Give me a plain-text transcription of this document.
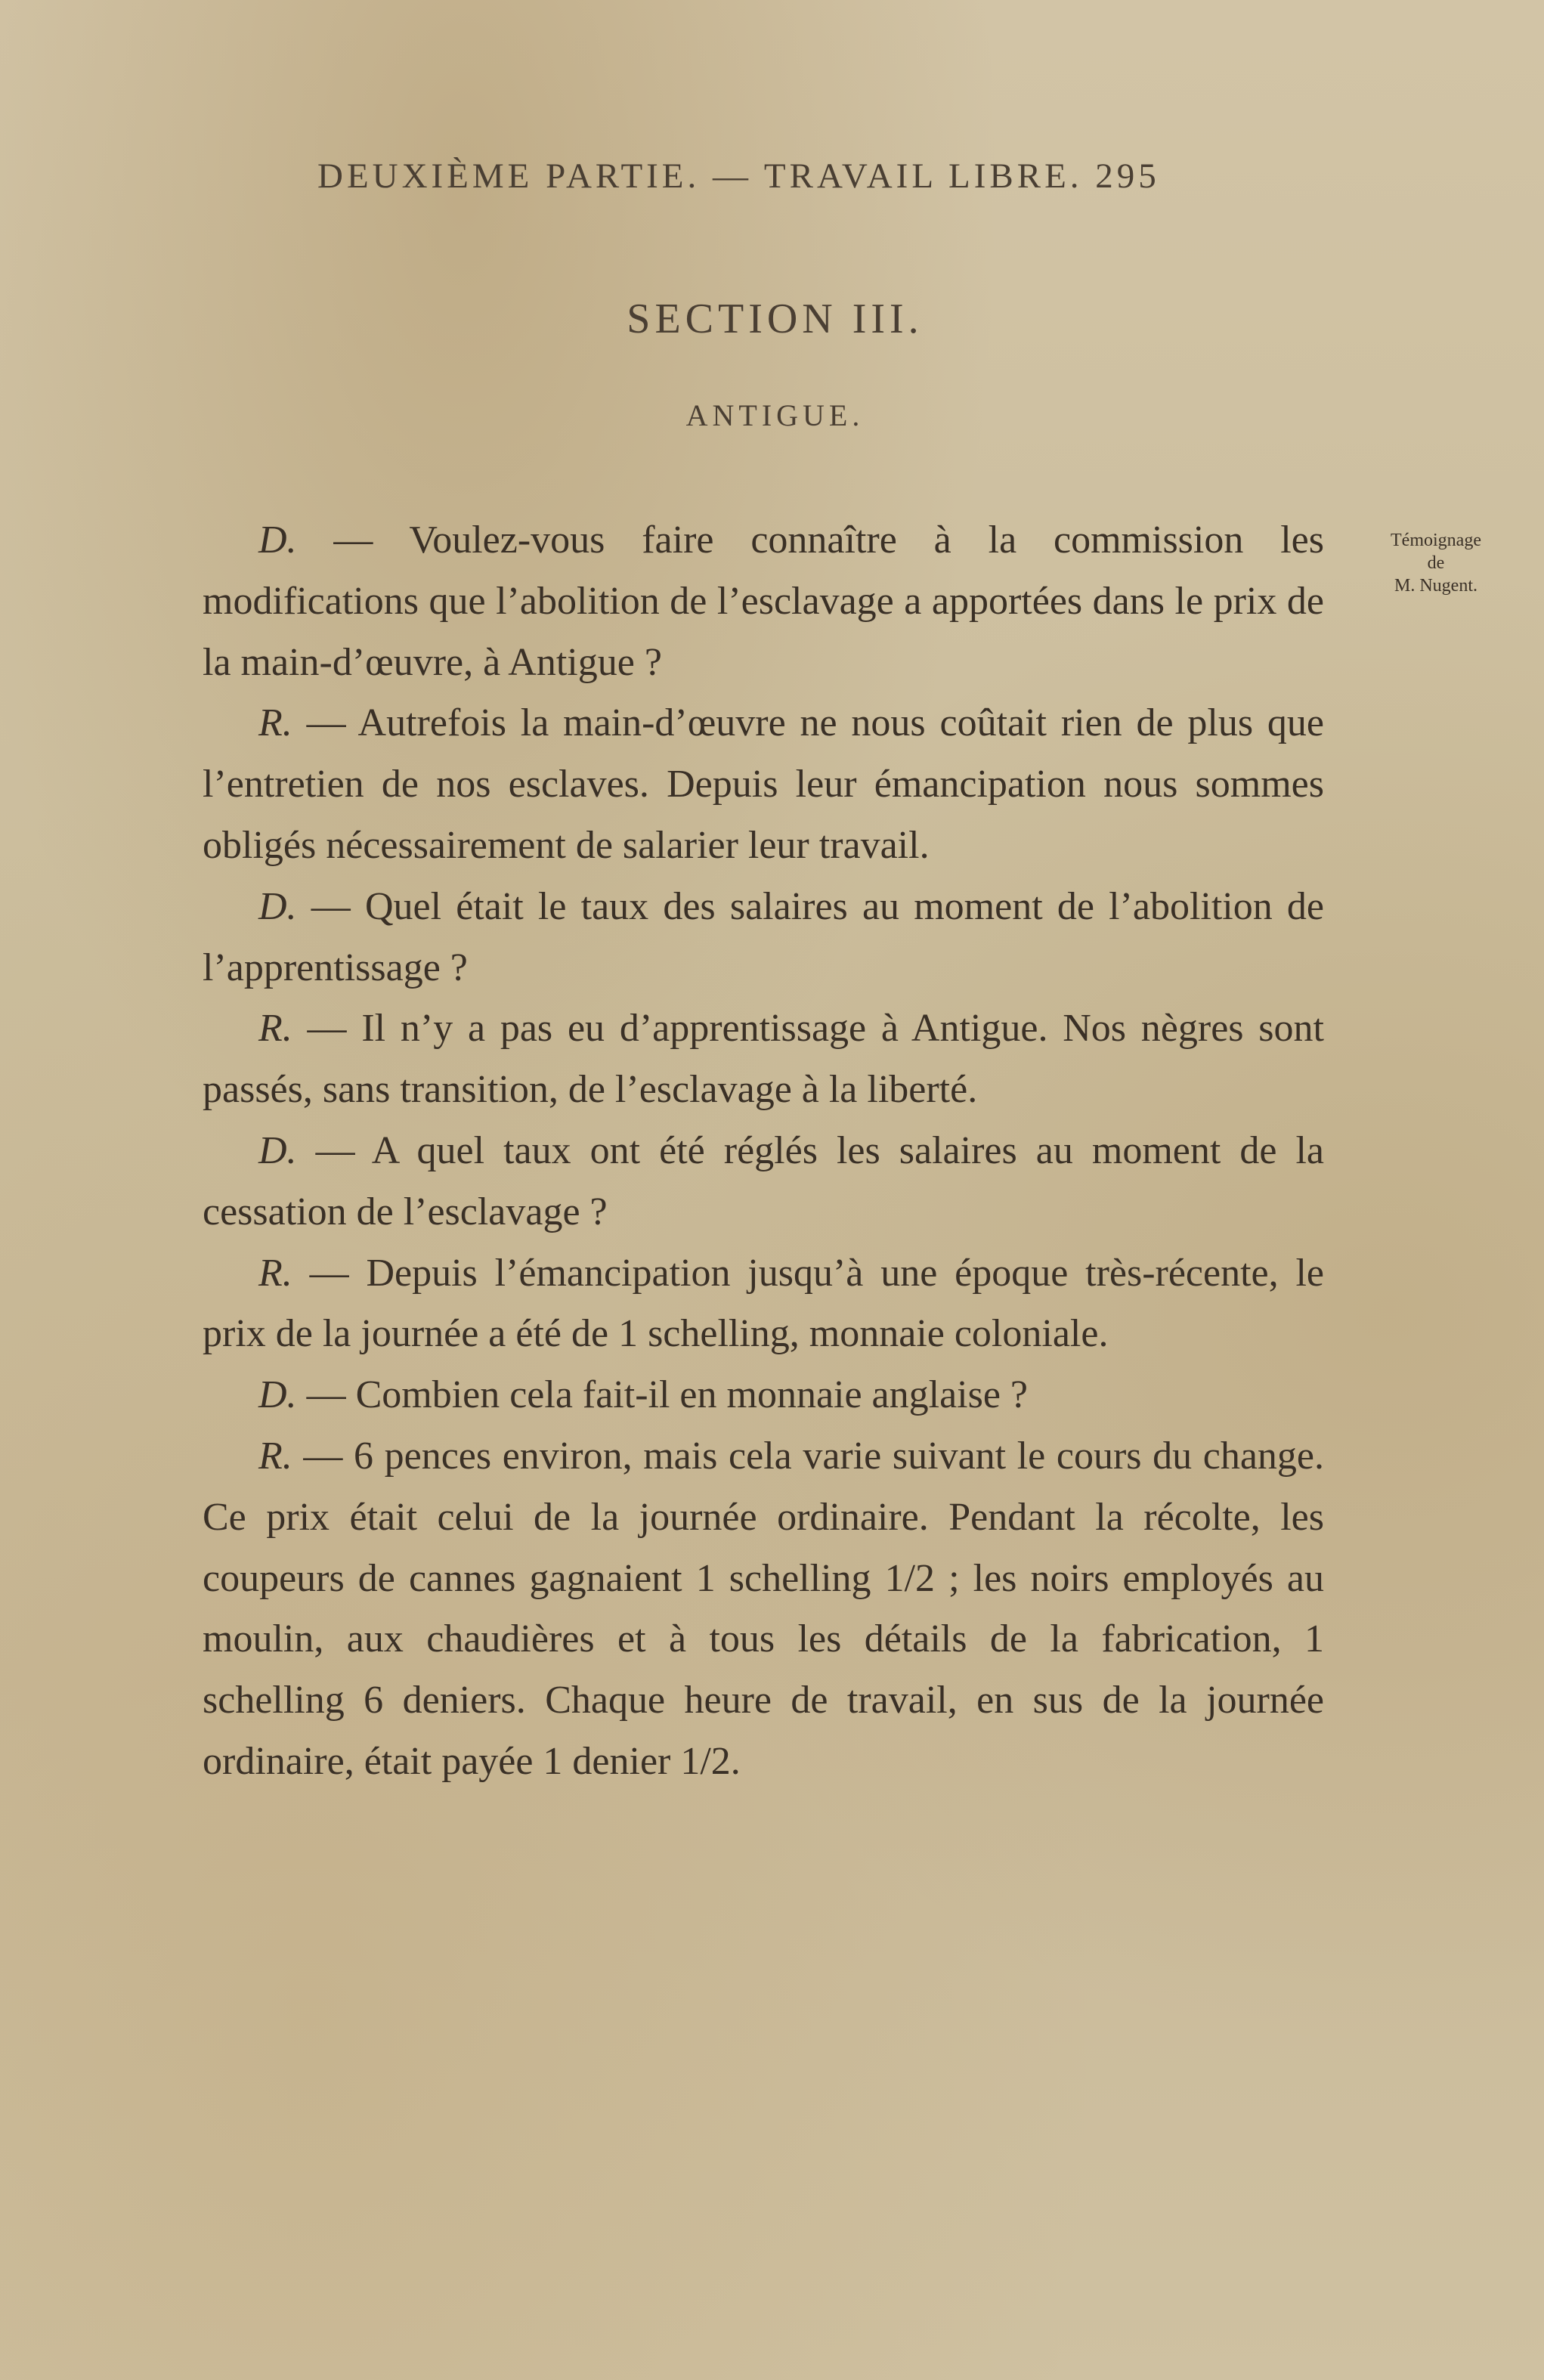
DEUXIÈME PARTIE. — TRAVAIL LIBRE. 295
SECTION III.
ANTIGUE.
Témoignage
de
M. Nugent.

D. — Voulez-vous faire connaître à la commission les modifications que l’abolition de l’esclavage a apportées dans le prix de la main-d’œuvre, à Antigue ?

R. — Autrefois la main-d’œuvre ne nous coûtait rien de plus que l’entretien de nos esclaves. Depuis leur émancipation nous sommes obligés nécessairement de salarier leur travail.

D. — Quel était le taux des salaires au moment de l’abolition de l’apprentissage ?

R. — Il n’y a pas eu d’apprentissage à Antigue. Nos nègres sont passés, sans transition, de l’esclavage à la liberté.

D. — A quel taux ont été réglés les salaires au moment de la cessation de l’esclavage ?

R. — Depuis l’émancipation jusqu’à une époque très-récente, le prix de la journée a été de 1 schelling, monnaie coloniale.

D. — Combien cela fait-il en monnaie anglaise ?

R. — 6 pences environ, mais cela varie suivant le cours du change. Ce prix était celui de la journée ordinaire. Pendant la récolte, les coupeurs de cannes gagnaient 1 schelling 1/2 ; les noirs employés au moulin, aux chaudières et à tous les détails de la fabrication, 1 schelling 6 deniers. Chaque heure de travail, en sus de la journée ordinaire, était payée 1 denier 1/2.
